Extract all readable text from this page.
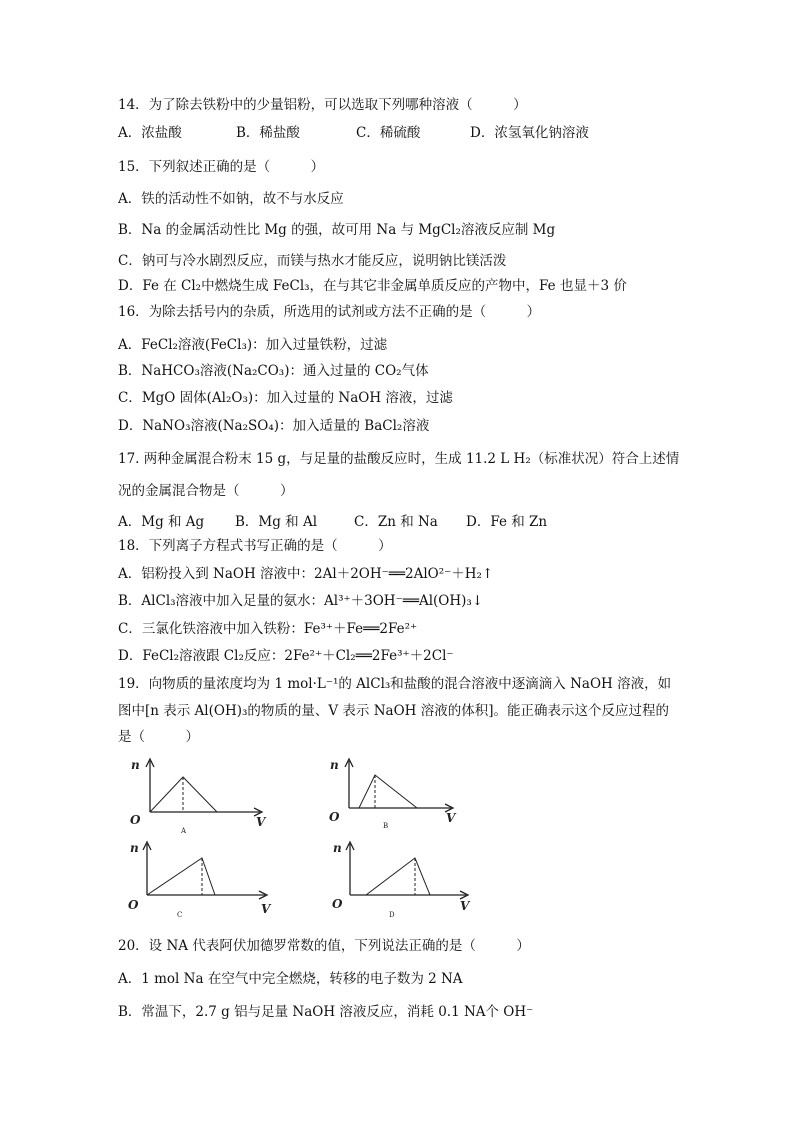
14．为了除去铁粉中的少量铝粉，可以选取下列哪种溶液（　　　）
A．浓盐酸	B．稀盐酸	C．稀硫酸	D．浓氢氧化钠溶液
15．下列叙述正确的是（　　　）
A．铁的活动性不如钠，故不与水反应
B．Na 的金属活动性比 Mg 的强，故可用 Na 与 MgCl₂溶液反应制 Mg
C．钠可与冷水剧烈反应，而镁与热水才能反应，说明钠比镁活泼
D．Fe 在 Cl₂中燃烧生成 FeCl₃，在与其它非金属单质反应的产物中，Fe 也显＋3 价
16．为除去括号内的杂质，所选用的试剂或方法不正确的是（　　　）
A．FeCl₂溶液(FeCl₃)：加入过量铁粉，过滤
B．NaHCO₃溶液(Na₂CO₃)：通入过量的 CO₂气体
C．MgO 固体(Al₂O₃)：加入过量的 NaOH 溶液，过滤
D．NaNO₃溶液(Na₂SO₄)：加入适量的 BaCl₂溶液
17. 两种金属混合粉末 15 g，与足量的盐酸反应时，生成 11.2 L H₂（标准状况）符合上述情
况的金属混合物是（　　　）
A．Mg 和 Ag B．Mg 和 Al	C．Zn 和 Na D．Fe 和 Zn
18．下列离子方程式书写正确的是（　　　）
A．铝粉投入到 NaOH 溶液中：2Al＋2OH⁻══2AlO²⁻＋H₂↑
B．AlCl₃溶液中加入足量的氨水：Al³⁺＋3OH⁻══Al(OH)₃↓
C．三氯化铁溶液中加入铁粉：Fe³⁺＋Fe══2Fe²⁺
D．FeCl₂溶液跟 Cl₂反应：2Fe²⁺＋Cl₂══2Fe³⁺＋2Cl⁻
19．向物质的量浓度均为 1 mol·L⁻¹的 AlCl₃和盐酸的混合溶液中逐滴滴入 NaOH 溶液，如
图中[n 表示 Al(OH)₃的物质的量、V 表示 NaOH 溶液的体积]。能正确表示这个反应过程的
是（　　　）
n
O	V
A
n
O	V
B
n
O	V
C
n
O	V
D
20．设 NA 代表阿伏加德罗常数的值，下列说法正确的是（　　　）
A．1 mol Na 在空气中完全燃烧，转移的电子数为 2 NA
B．常温下，2.7 g 铝与足量 NaOH 溶液反应，消耗 0.1 NA个 OH⁻
